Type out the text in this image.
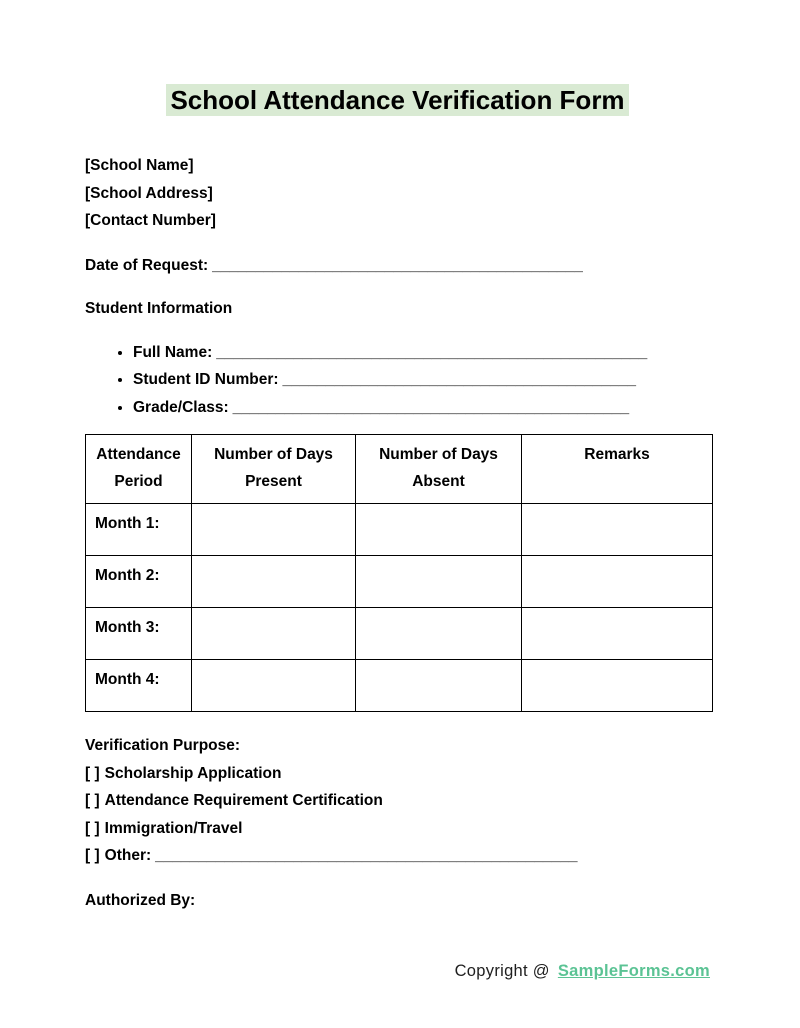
School Attendance Verification Form

[School Name]

[School Address]

[Contact Number]

Date of Request: ___________________________________________

Student Information

• Full Name: __________________________________________________
• Student ID Number: _________________________________________
• Grade/Class: ______________________________________________
Attendance Period	Number of Days Present	Number of Days Absent	Remarks
Month 1:			
Month 2:			
Month 3:			
Month 4:			

Verification Purpose:

[ ] Scholarship Application

[ ] Attendance Requirement Certification

[ ] Immigration/Travel

[ ] Other: _________________________________________________

Authorized By:

Copyright @ SampleForms.com
